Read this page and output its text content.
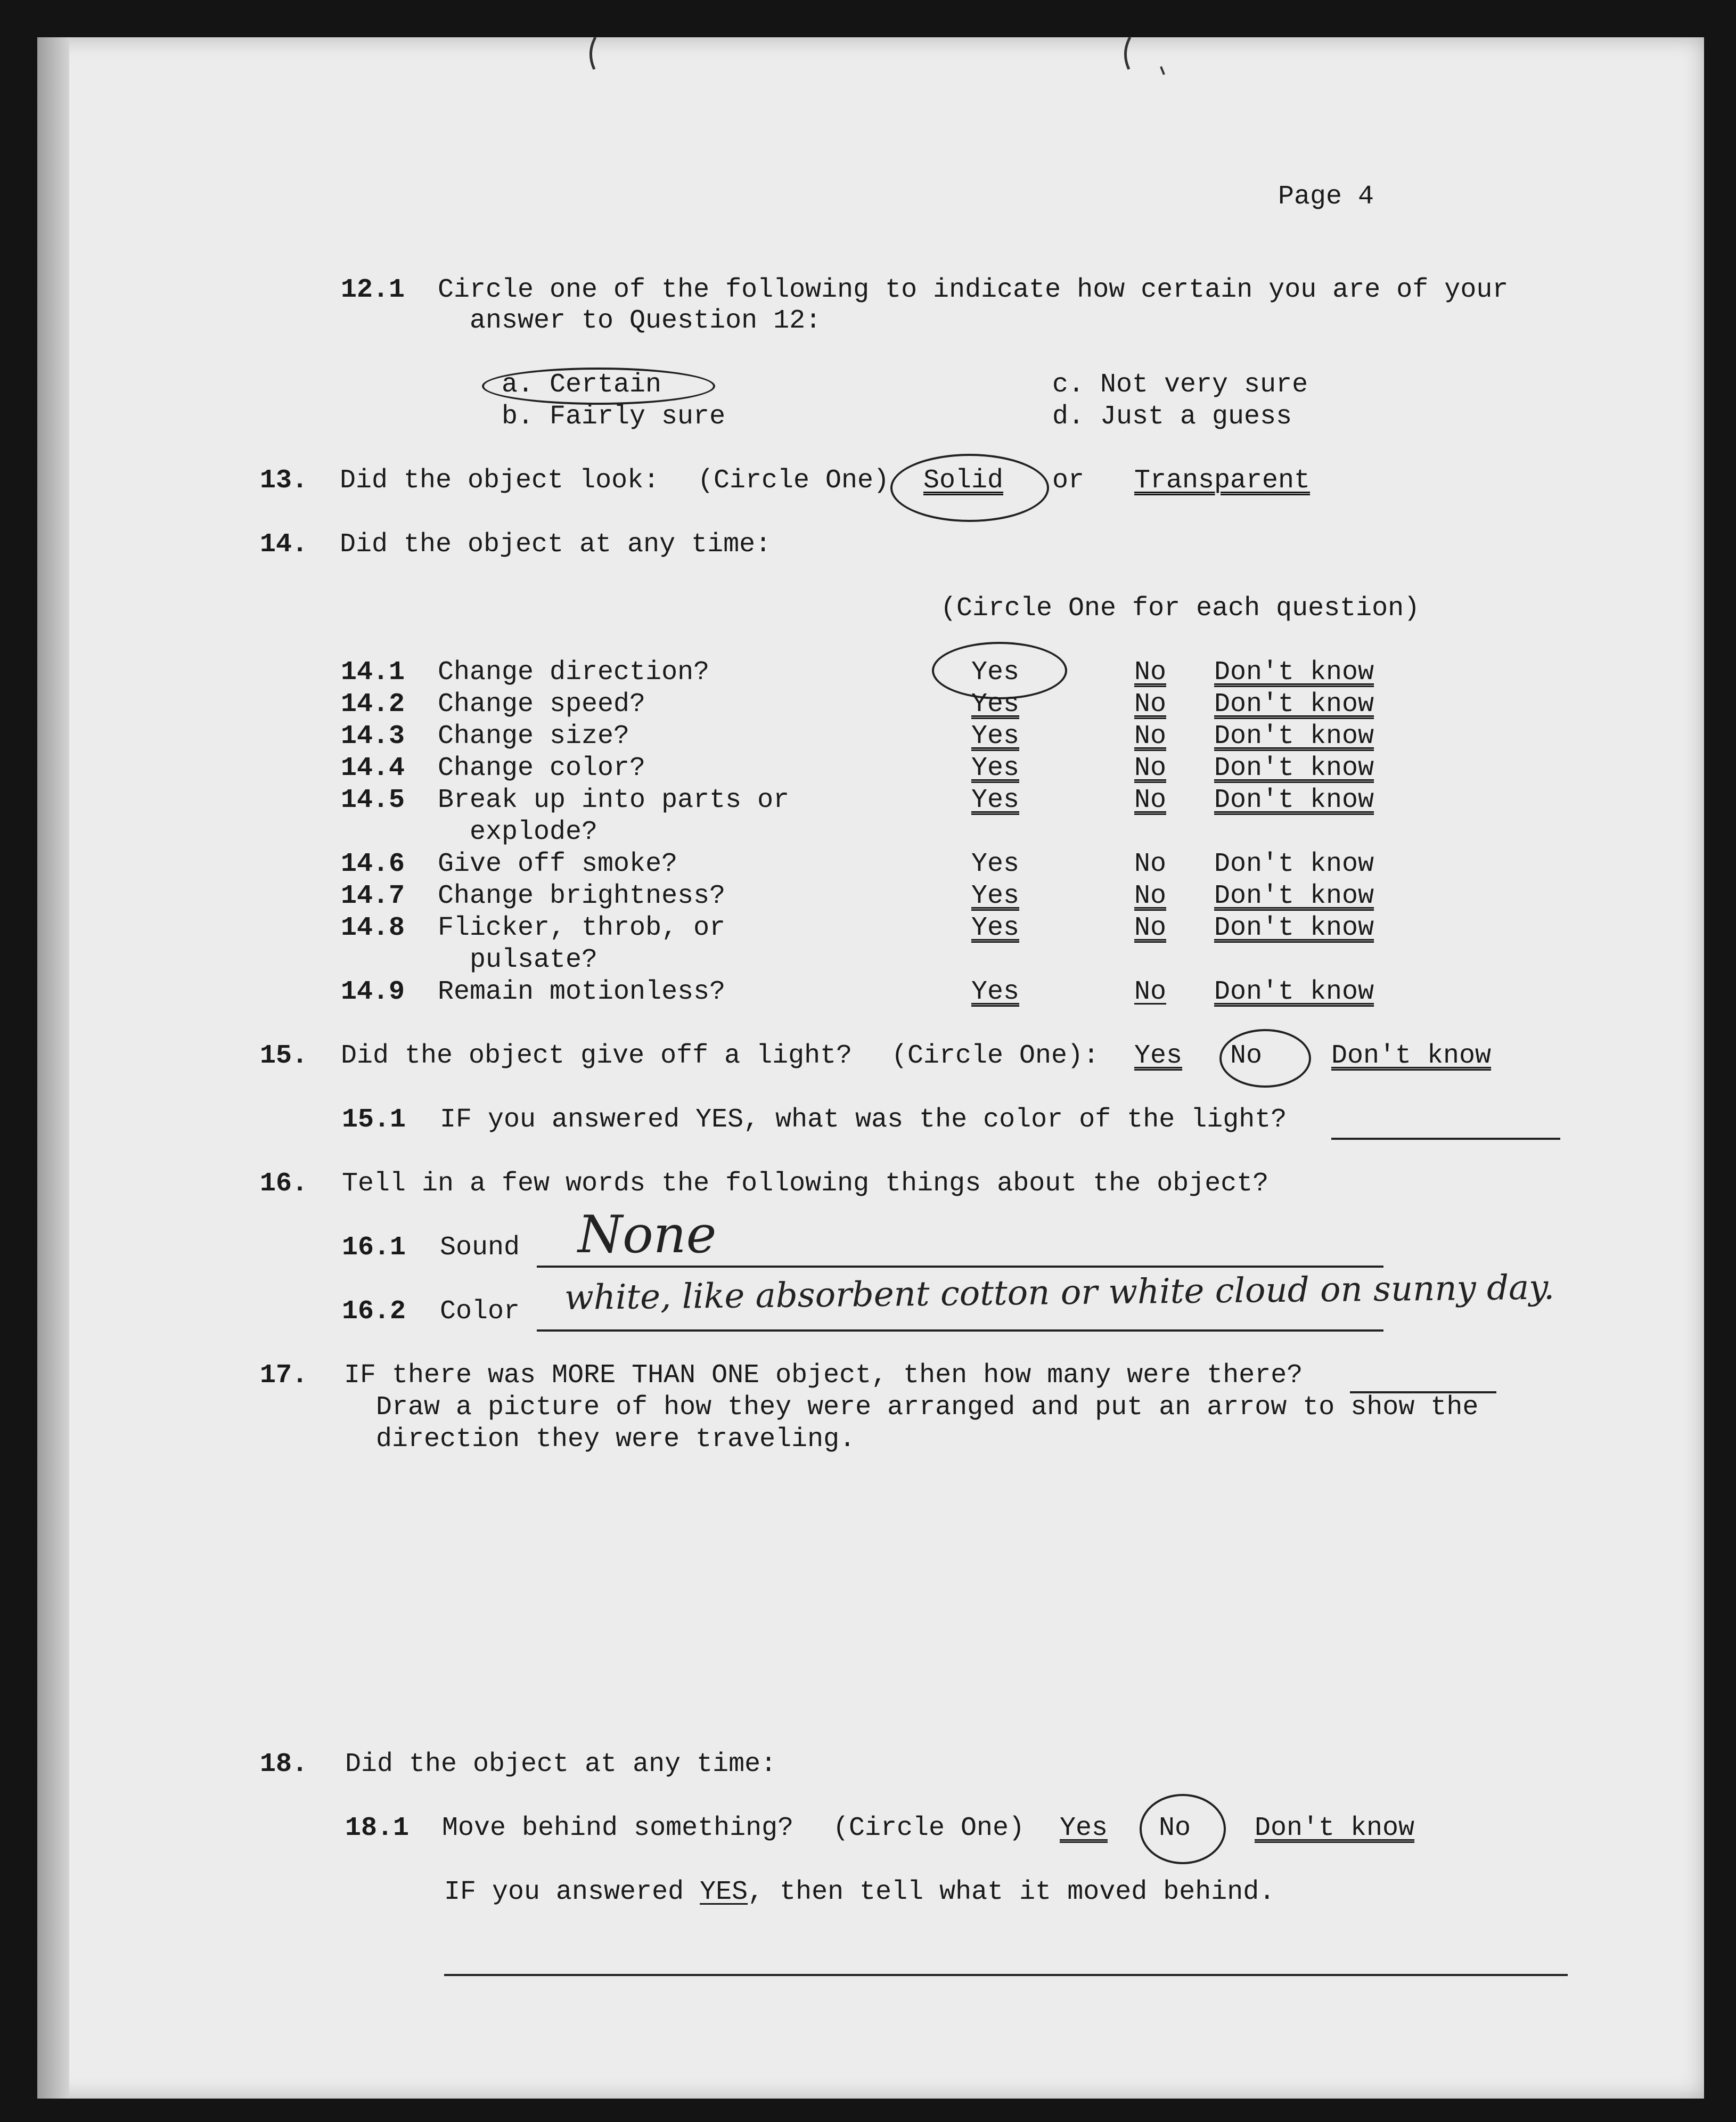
Page 4
12.1 Circle one of the following to indicate how certain you are of your
answer to Question 12:
a. Certain
b. Fairly sure
c. Not very sure
d. Just a guess
13. Did the object look: (Circle One) Solid or Transparent
14. Did the object at any time:
(Circle One for each question)
14.1 Change direction?	Yes	No Don't know
14.2 Change speed?	Yes	No Don't know
14.3 Change size?	Yes	No Don't know
14.4 Change color?	Yes	No Don't know
14.5 Break up into parts or
explode?
Yes	No Don't know
14.6 Give off smoke?	Yes	No Don't know
14.7 Change brightness?	Yes	No Don't know
14.8 Flicker, throb, or
pulsate?
Yes	No Don't know
14.9 Remain motionless?	Yes	No Don't know
15. Did the object give off a light? (Circle One): Yes No	Don't know
15.1 IF you answered YES, what was the color of the light?
16. Tell in a few words the following things about the object?
16.1 Sound None
16.2 Color white, like absorbent cotton or white cloud on sunny day.
17. IF there was MORE THAN ONE object, then how many were there?
Draw a picture of how they were arranged and put an arrow to show the
direction they were traveling.
18. Did the object at any time:
18.1 Move behind something? (Circle One) Yes No Don't know
IF you answered YES, then tell what it moved behind.
